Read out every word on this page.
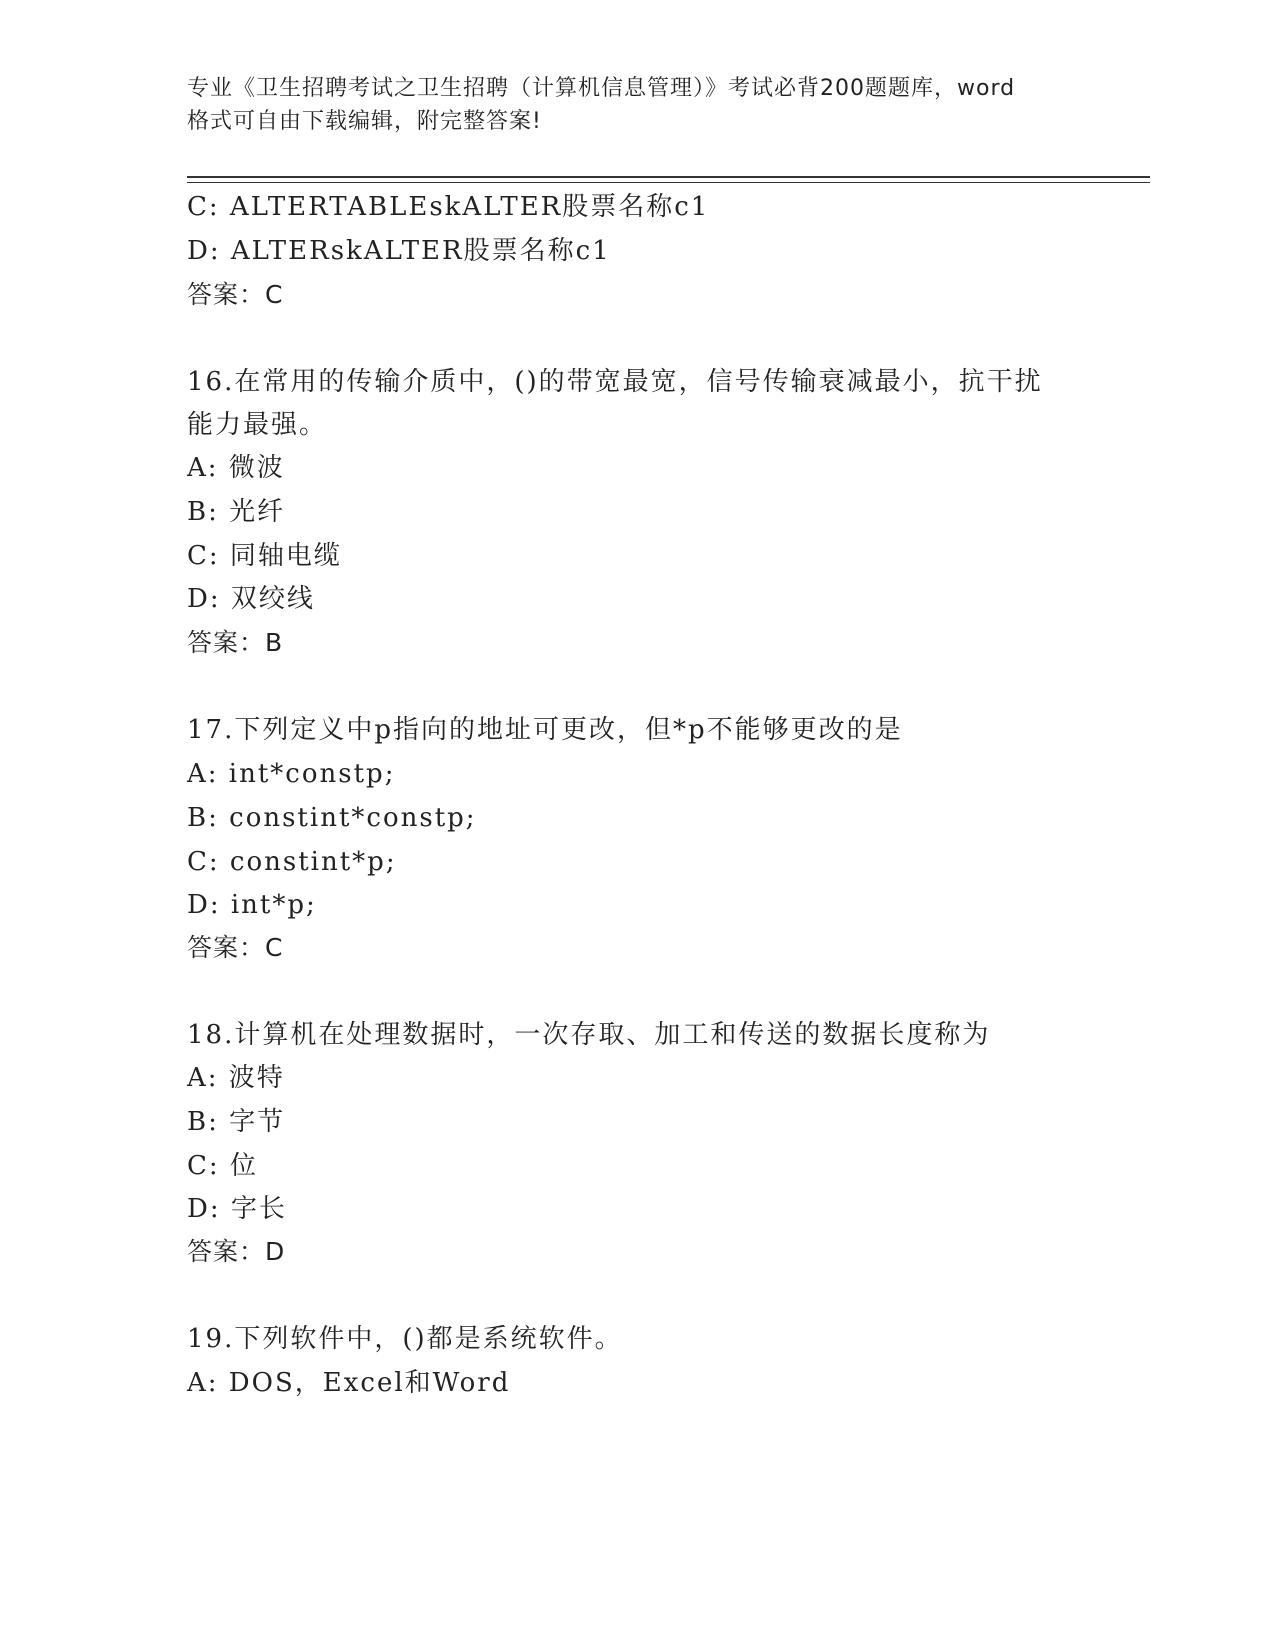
专业《卫生招聘考试之卫生招聘（计算机信息管理）》考试必背200题题库，word
格式可自由下载编辑，附完整答案!
C: ALTERTABLEskALTER股票名称c1
D: ALTERskALTER股票名称c1
答案：C
16.在常用的传输介质中，()的带宽最宽，信号传输衰减最小，抗干扰
能力最强。
A: 微波
B: 光纤
C: 同轴电缆
D: 双绞线
答案：B
17.下列定义中p指向的地址可更改，但*p不能够更改的是
A: int*constp;
B: constint*constp;
C: constint*p;
D: int*p;
答案：C
18.计算机在处理数据时，一次存取、加工和传送的数据长度称为
A: 波特
B: 字节
C: 位
D: 字长
答案：D
19.下列软件中，()都是系统软件。
A: DOS，Excel和Word
